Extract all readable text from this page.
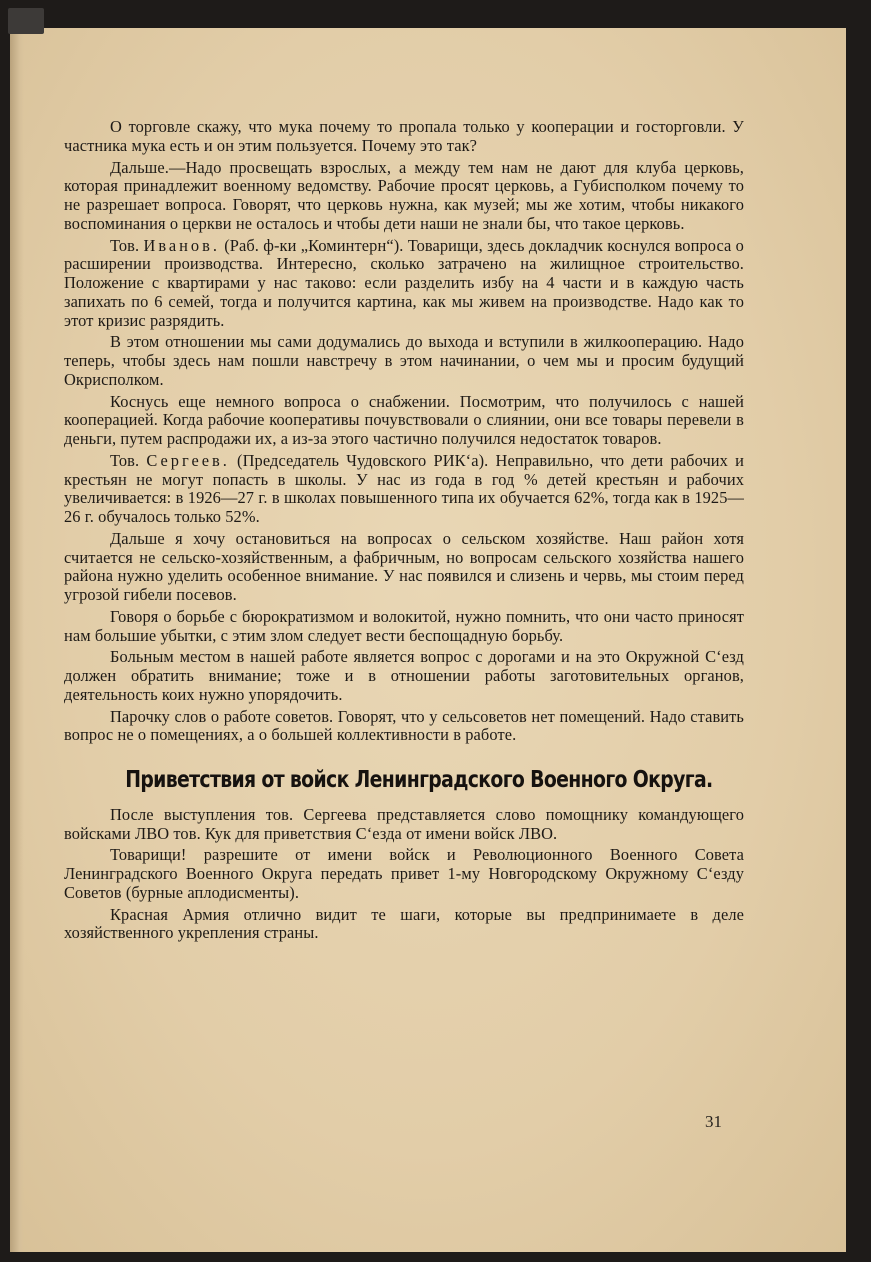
О торговле скажу, что мука почему то пропала только у кооперации и госторговли. У частника мука есть и он этим пользуется. Почему это так?

Дальше.—Надо просвещать взрослых, а между тем нам не дают для клуба церковь, которая принадлежит военному ведомству. Рабочие просят церковь, а Губисполком почему то не разрешает вопроса. Говорят, что церковь нужна, как музей; мы же хотим, чтобы никакого воспоминания о церкви не осталось и чтобы дети наши не знали бы, что такое церковь.

Тов. Иванов. (Раб. ф-ки „Коминтерн“). Товарищи, здесь докладчик коснулся вопроса о расширении производства. Интересно, сколько затрачено на жилищное строительство. Положение с квартирами у нас таково: если разделить избу на 4 части и в каждую часть запихать по 6 семей, тогда и получится картина, как мы живем на производстве. Надо как то этот кризис разрядить.

В этом отношении мы сами додумались до выхода и вступили в жилкооперацию. Надо теперь, чтобы здесь нам пошли навстречу в этом начинании, о чем мы и просим будущий Окрисполком.

Коснусь еще немного вопроса о снабжении. Посмотрим, что получилось с нашей кооперацией. Когда рабочие кооперативы почувствовали о слиянии, они все товары перевели в деньги, путем распродажи их, а из-за этого частично получился недостаток товаров.

Тов. Сергеев. (Председатель Чудовского РИК‘а). Неправильно, что дети рабочих и крестьян не могут попасть в школы. У нас из года в год % детей крестьян и рабочих увеличивается: в 1926—27 г. в школах повышенного типа их обучается 62%, тогда как в 1925—26 г. обучалось только 52%.

Дальше я хочу остановиться на вопросах о сельском хозяйстве. Наш район хотя считается не сельско-хозяйственным, а фабричным, но вопросам сельского хозяйства нашего района нужно уделить особенное внимание. У нас появился и слизень и червь, мы стоим перед угрозой гибели посевов.

Говоря о борьбе с бюрократизмом и волокитой, нужно помнить, что они часто приносят нам большие убытки, с этим злом следует вести беспощадную борьбу.

Больным местом в нашей работе является вопрос с дорогами и на это Окружной С‘езд должен обратить внимание; тоже и в отношении работы заготовительных органов, деятельность коих нужно упорядочить.

Парочку слов о работе советов. Говорят, что у сельсоветов нет помещений. Надо ставить вопрос не о помещениях, а о большей коллективности в работе.

Приветствия от войск Ленинградского Военного Округа.

После выступления тов. Сергеева представляется слово помощнику командующего войсками ЛВО тов. Кук для приветствия С‘езда от имени войск ЛВО.

Товарищи! разрешите от имени войск и Революционного Военного Совета Ленинградского Военного Округа передать привет 1-му Новгородскому Окружному С‘езду Советов (бурные аплодисменты).

Красная Армия отлично видит те шаги, которые вы предпринимаете в деле хозяйственного укрепления страны.

31
